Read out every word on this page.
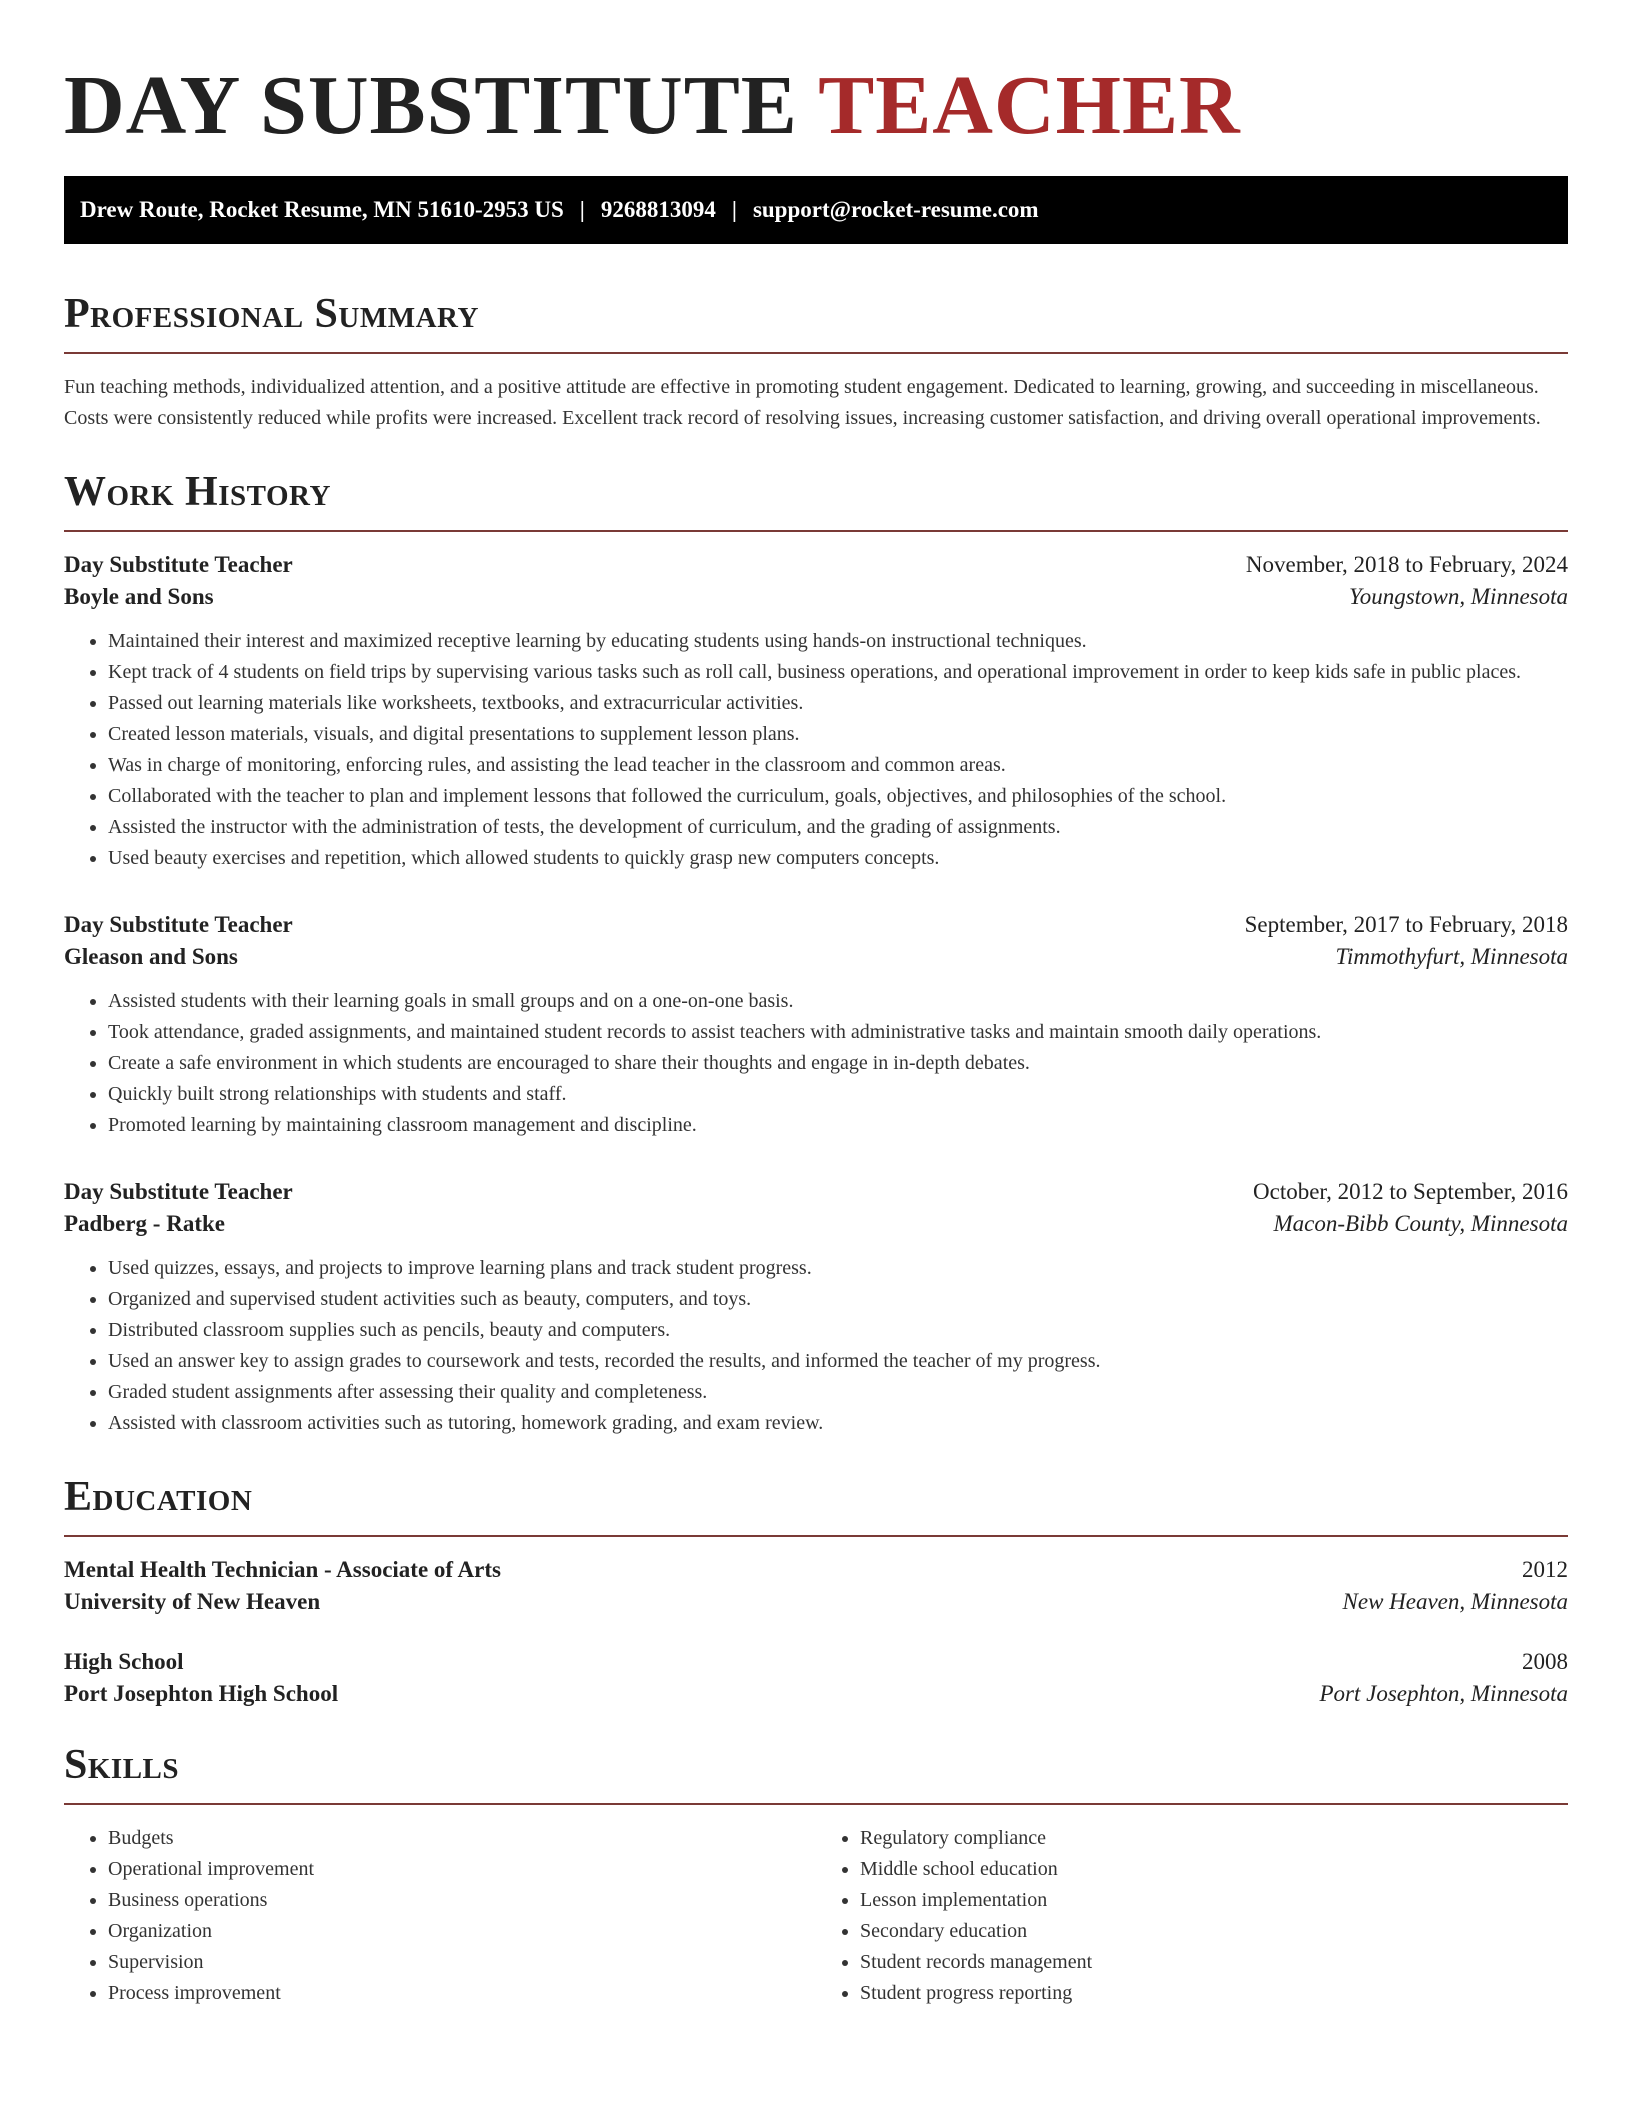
DAY SUBSTITUTE TEACHER
Drew Route, Rocket Resume, MN 51610-2953 US | 9268813094 | support@rocket-resume.com
Professional Summary
Fun teaching methods, individualized attention, and a positive attitude are effective in promoting student engagement. Dedicated to learning, growing, and succeeding in miscellaneous. Costs were consistently reduced while profits were increased. Excellent track record of resolving issues, increasing customer satisfaction, and driving overall operational improvements.
Work History
Day Substitute Teacher	November, 2018 to February, 2024
Boyle and Sons	Youngstown, Minnesota
• Maintained their interest and maximized receptive learning by educating students using hands-on instructional techniques.
• Kept track of 4 students on field trips by supervising various tasks such as roll call, business operations, and operational improvement in order to keep kids safe in public places.
• Passed out learning materials like worksheets, textbooks, and extracurricular activities.
• Created lesson materials, visuals, and digital presentations to supplement lesson plans.
• Was in charge of monitoring, enforcing rules, and assisting the lead teacher in the classroom and common areas.
• Collaborated with the teacher to plan and implement lessons that followed the curriculum, goals, objectives, and philosophies of the school.
• Assisted the instructor with the administration of tests, the development of curriculum, and the grading of assignments.
• Used beauty exercises and repetition, which allowed students to quickly grasp new computers concepts.
Day Substitute Teacher	September, 2017 to February, 2018
Gleason and Sons	Timmothyfurt, Minnesota
• Assisted students with their learning goals in small groups and on a one-on-one basis.
• Took attendance, graded assignments, and maintained student records to assist teachers with administrative tasks and maintain smooth daily operations.
• Create a safe environment in which students are encouraged to share their thoughts and engage in in-depth debates.
• Quickly built strong relationships with students and staff.
• Promoted learning by maintaining classroom management and discipline.
Day Substitute Teacher	October, 2012 to September, 2016
Padberg - Ratke	Macon-Bibb County, Minnesota
• Used quizzes, essays, and projects to improve learning plans and track student progress.
• Organized and supervised student activities such as beauty, computers, and toys.
• Distributed classroom supplies such as pencils, beauty and computers.
• Used an answer key to assign grades to coursework and tests, recorded the results, and informed the teacher of my progress.
• Graded student assignments after assessing their quality and completeness.
• Assisted with classroom activities such as tutoring, homework grading, and exam review.
Education
Mental Health Technician - Associate of Arts	2012
University of New Heaven	New Heaven, Minnesota
High School	2008
Port Josephton High School	Port Josephton, Minnesota
Skills
• Budgets
• Operational improvement
• Business operations
• Organization
• Supervision
• Process improvement
• Regulatory compliance
• Middle school education
• Lesson implementation
• Secondary education
• Student records management
• Student progress reporting
